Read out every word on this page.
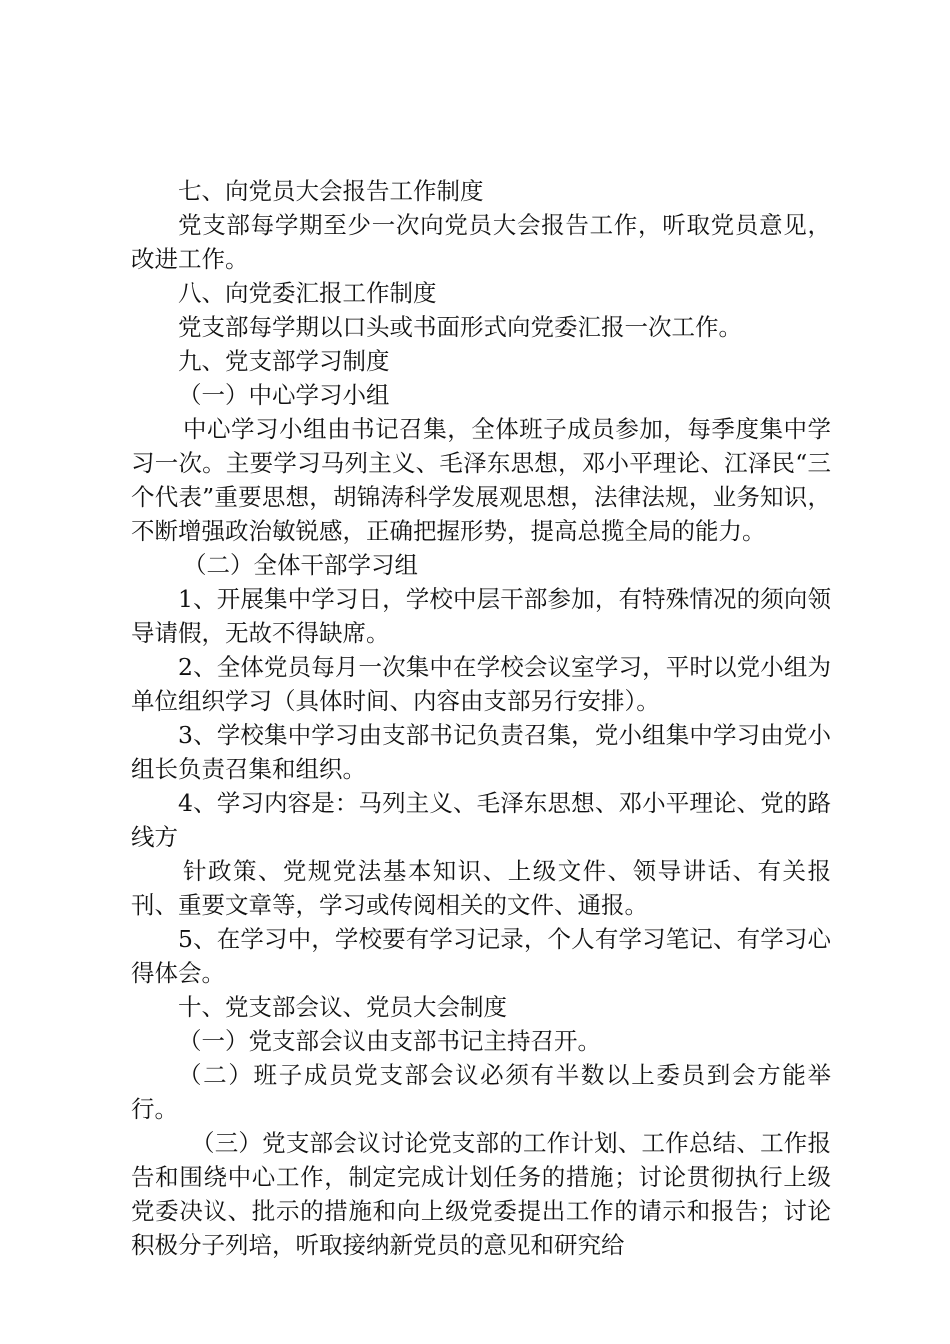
七、向党员大会报告工作制度

党支部每学期至少一次向党员大会报告工作，听取党员意见，改进工作。

八、向党委汇报工作制度

党支部每学期以口头或书面形式向党委汇报一次工作。

九、党支部学习制度

（一）中心学习小组

中心学习小组由书记召集，全体班子成员参加，每季度集中学习一次。主要学习马列主义、毛泽东思想，邓小平理论、江泽民“三个代表”重要思想，胡锦涛科学发展观思想，法律法规，业务知识，不断增强政治敏锐感，正确把握形势，提高总揽全局的能力。

（二）全体干部学习组

1、开展集中学习日，学校中层干部参加，有特殊情况的须向领导请假，无故不得缺席。

2、全体党员每月一次集中在学校会议室学习，平时以党小组为单位组织学习（具体时间、内容由支部另行安排）。

3、学校集中学习由支部书记负责召集，党小组集中学习由党小组长负责召集和组织。

4、学习内容是：马列主义、毛泽东思想、邓小平理论、党的路线方

针政策、党规党法基本知识、上级文件、领导讲话、有关报刊、重要文章等，学习或传阅相关的文件、通报。

5、在学习中，学校要有学习记录，个人有学习笔记、有学习心得体会。

十、党支部会议、党员大会制度

（一）党支部会议由支部书记主持召开。

（二）班子成员党支部会议必须有半数以上委员到会方能举行。

（三）党支部会议讨论党支部的工作计划、工作总结、工作报告和围绕中心工作，制定完成计划任务的措施；讨论贯彻执行上级党委决议、批示的措施和向上级党委提出工作的请示和报告；讨论积极分子列培，听取接纳新党员的意见和研究给
